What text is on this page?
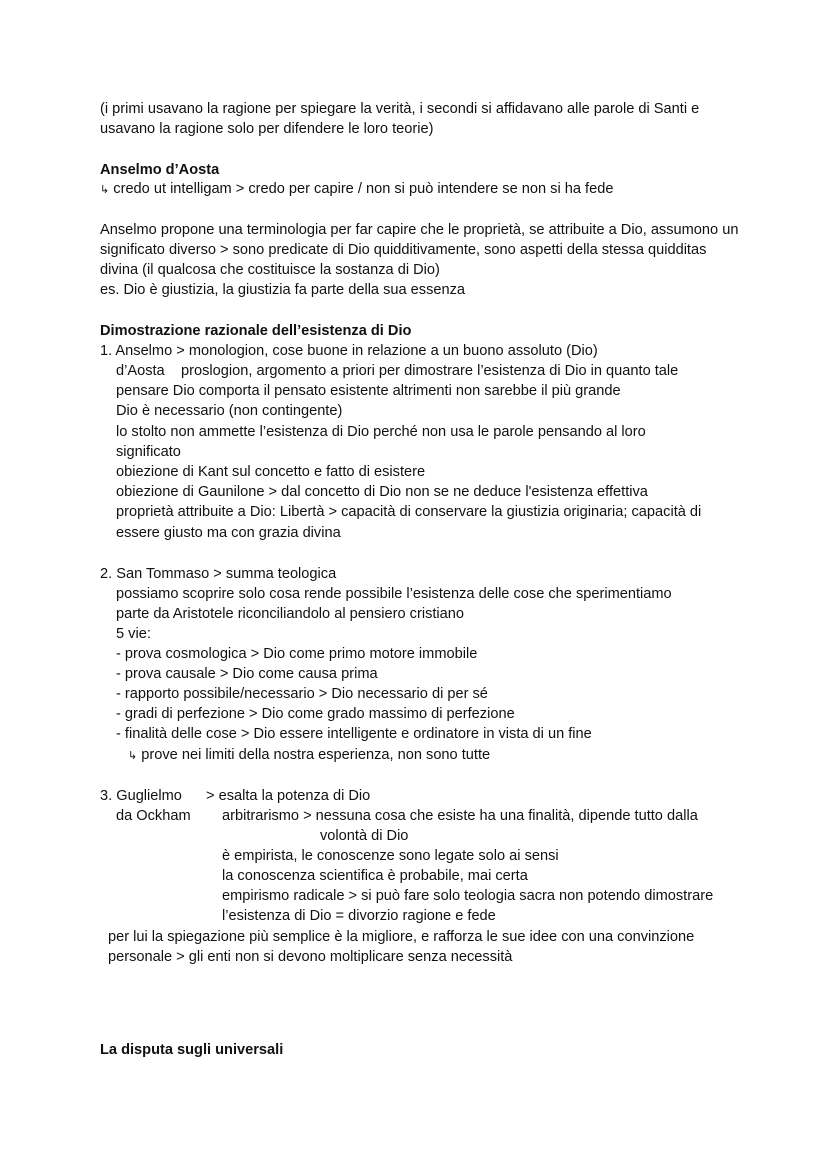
(i primi usavano la ragione per spiegare la verità, i secondi si affidavano alle parole di Santi e
usavano la ragione solo per difendere le loro teorie)
Anselmo d’Aosta
↳ credo ut intelligam > credo per capire / non si può intendere se non si ha fede
Anselmo propone una terminologia per far capire che le proprietà, se attribuite a Dio, assumono un
significato diverso > sono predicate di Dio quidditivamente, sono aspetti della stessa quidditas
divina (il qualcosa che costituisce la sostanza di Dio)
es. Dio è giustizia, la giustizia fa parte della sua essenza
Dimostrazione razionale dell’esistenza di Dio
1. Anselmo > monologion, cose buone in relazione a un buono assoluto (Dio)
d’Aosta proslogion, argomento a priori per dimostrare l’esistenza di Dio in quanto tale
pensare Dio comporta il pensato esistente altrimenti non sarebbe il più grande
Dio è necessario (non contingente)
lo stolto non ammette l’esistenza di Dio perché non usa le parole pensando al loro
significato
obiezione di Kant sul concetto e fatto di esistere
obiezione di Gaunilone > dal concetto di Dio non se ne deduce l'esistenza effettiva
proprietà attribuite a Dio: Libertà > capacità di conservare la giustizia originaria; capacità di
essere giusto ma con grazia divina
2. San Tommaso > summa teologica
possiamo scoprire solo cosa rende possibile l’esistenza delle cose che sperimentiamo
parte da Aristotele riconciliandolo al pensiero cristiano
5 vie:
- prova cosmologica > Dio come primo motore immobile
- prova causale > Dio come causa prima
- rapporto possibile/necessario > Dio necessario di per sé
- gradi di perfezione > Dio come grado massimo di perfezione
- finalità delle cose > Dio essere intelligente e ordinatore in vista di un fine
↳ prove nei limiti della nostra esperienza, non sono tutte
3. Guglielmo > esalta la potenza di Dio
da Ockham arbitrarismo > nessuna cosa che esiste ha una finalità, dipende tutto dalla
volontà di Dio
è empirista, le conoscenze sono legate solo ai sensi
la conoscenza scientifica è probabile, mai certa
empirismo radicale > si può fare solo teologia sacra non potendo dimostrare
l’esistenza di Dio = divorzio ragione e fede
per lui la spiegazione più semplice è la migliore, e rafforza le sue idee con una convinzione
personale > gli enti non si devono moltiplicare senza necessità
La disputa sugli universali
